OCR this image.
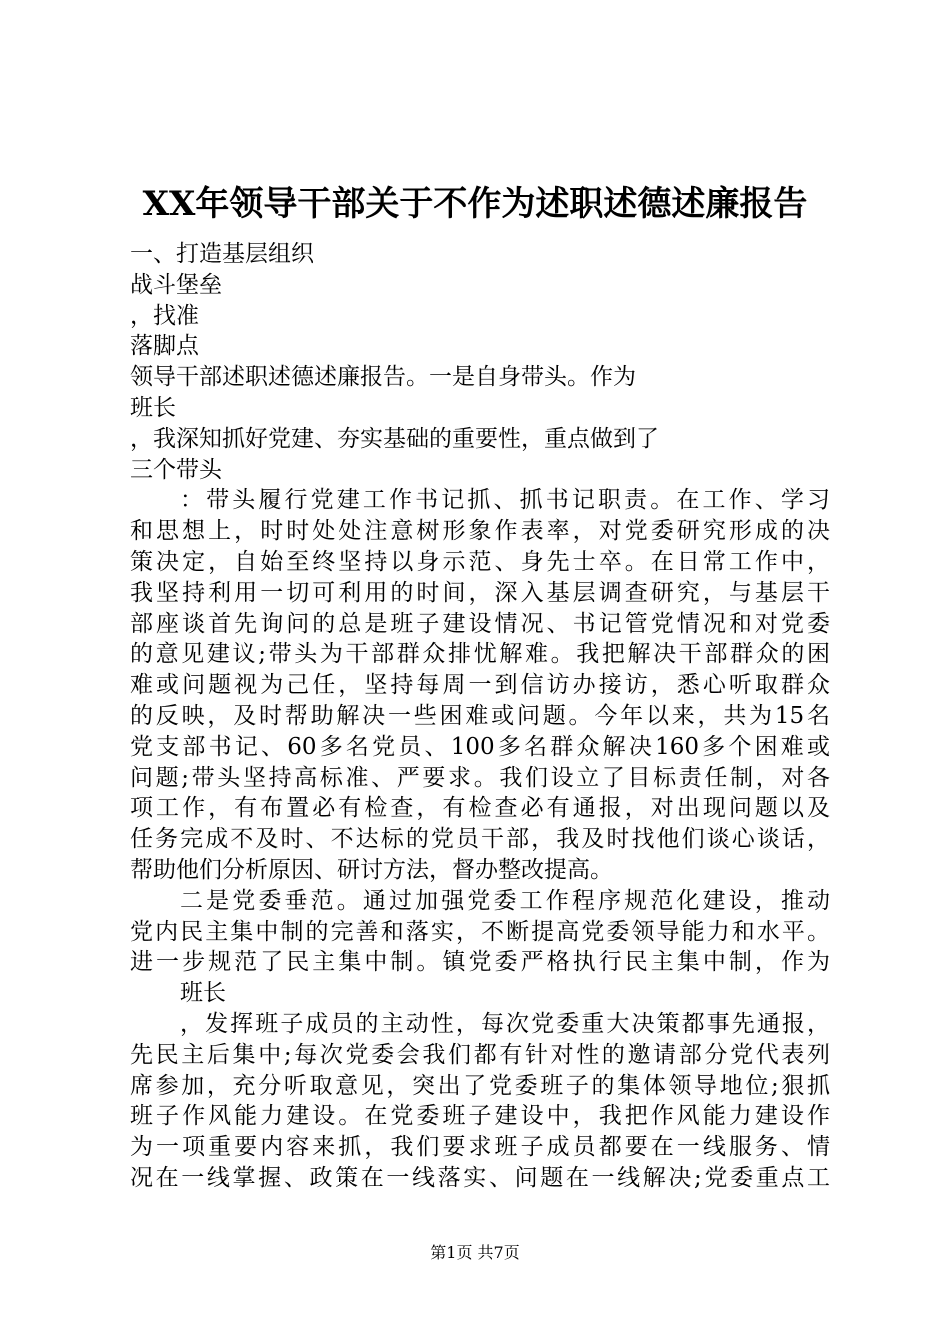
XX年领导干部关于不作为述职述德述廉报告
一、打造基层组织
战斗堡垒
，找准
落脚点
领导干部述职述德述廉报告。一是自身带头。作为
班长
，我深知抓好党建、夯实基础的重要性，重点做到了
三个带头
：带头履行党建工作书记抓、抓书记职责。在工作、学习
和思想上，时时处处注意树形象作表率，对党委研究形成的决
策决定，自始至终坚持以身示范、身先士卒。在日常工作中，
我坚持利用一切可利用的时间，深入基层调查研究，与基层干
部座谈首先询问的总是班子建设情况、书记管党情况和对党委
的意见建议;带头为干部群众排忧解难。我把解决干部群众的困
难或问题视为己任，坚持每周一到信访办接访，悉心听取群众
的反映，及时帮助解决一些困难或问题。今年以来，共为15名
党支部书记、60多名党员、100多名群众解决160多个困难或
问题;带头坚持高标准、严要求。我们设立了目标责任制，对各
项工作，有布置必有检查，有检查必有通报，对出现问题以及
任务完成不及时、不达标的党员干部，我及时找他们谈心谈话，
帮助他们分析原因、研讨方法，督办整改提高。
二是党委垂范。通过加强党委工作程序规范化建设，推动
党内民主集中制的完善和落实，不断提高党委领导能力和水平。
进一步规范了民主集中制。镇党委严格执行民主集中制，作为
班长
，发挥班子成员的主动性，每次党委重大决策都事先通报，
先民主后集中;每次党委会我们都有针对性的邀请部分党代表列
席参加，充分听取意见，突出了党委班子的集体领导地位;狠抓
班子作风能力建设。在党委班子建设中，我把作风能力建设作
为一项重要内容来抓，我们要求班子成员都要在一线服务、情
况在一线掌握、政策在一线落实、问题在一线解决;党委重点工
第1页 共7页
